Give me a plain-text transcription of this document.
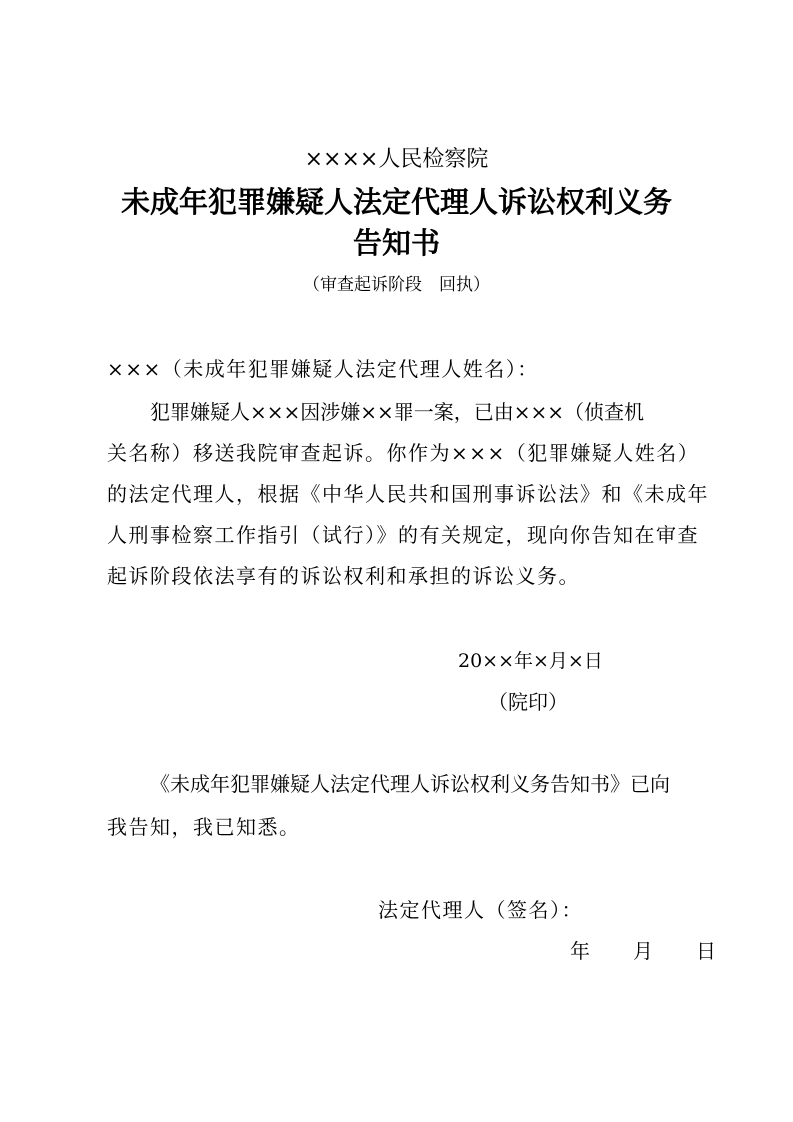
××××人民检察院
未成年犯罪嫌疑人法定代理人诉讼权利义务
告知书
（审查起诉阶段　回执）
×××（未成年犯罪嫌疑人法定代理人姓名）：
犯罪嫌疑人×××因涉嫌××罪一案，已由×××（侦查机
关名称）移送我院审查起诉。你作为×××（犯罪嫌疑人姓名）
的法定代理人，根据《中华人民共和国刑事诉讼法》和《未成年
人刑事检察工作指引（试行）》的有关规定，现向你告知在审查
起诉阶段依法享有的诉讼权利和承担的诉讼义务。
20××年×月×日
（院印）
《未成年犯罪嫌疑人法定代理人诉讼权利义务告知书》已向
我告知，我已知悉。
法定代理人（签名）：
年　　月　　日
